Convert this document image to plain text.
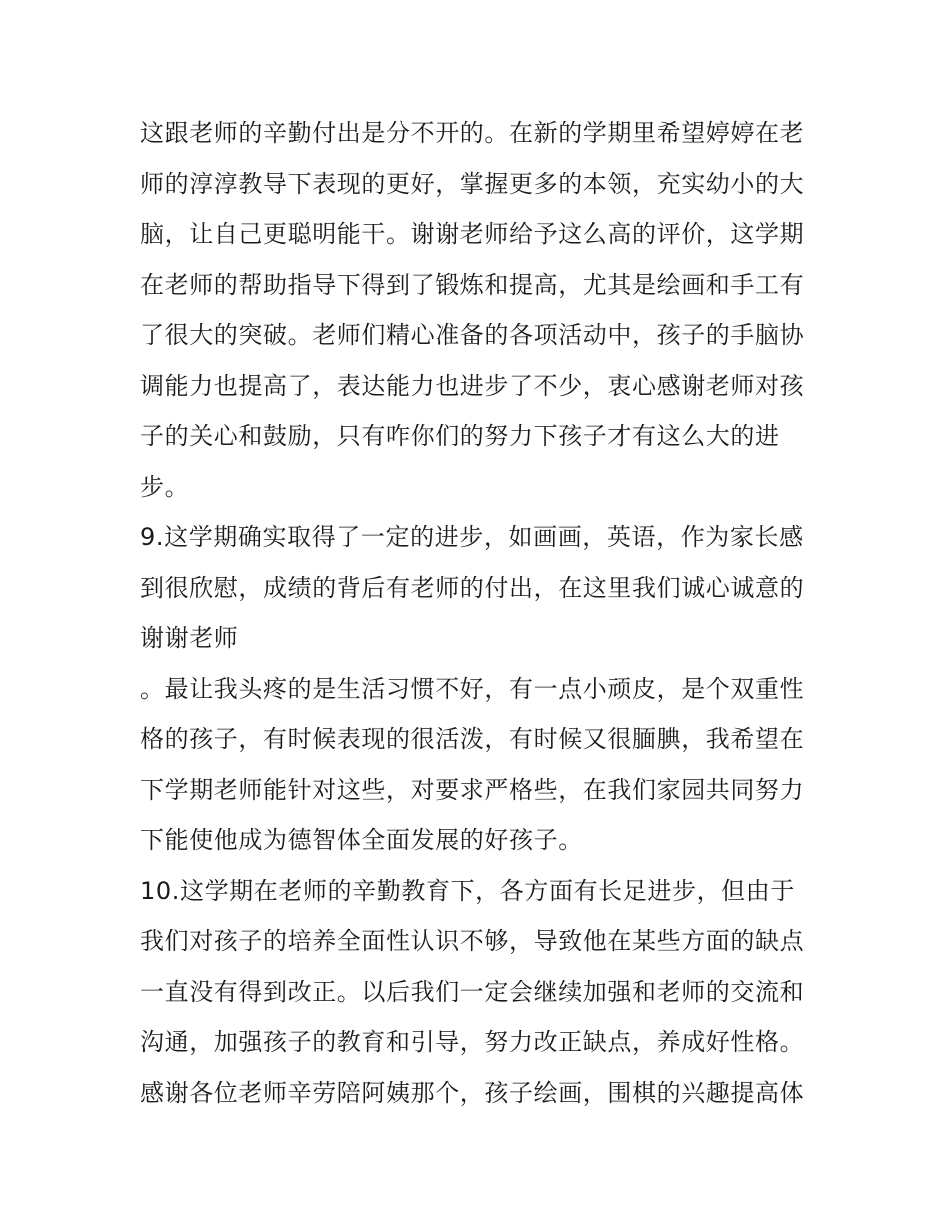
这跟老师的辛勤付出是分不开的。在新的学期里希望婷婷在老
师的淳淳教导下表现的更好，掌握更多的本领，充实幼小的大
脑，让自己更聪明能干。谢谢老师给予这么高的评价，这学期
在老师的帮助指导下得到了锻炼和提高，尤其是绘画和手工有
了很大的突破。老师们精心准备的各项活动中，孩子的手脑协
调能力也提高了，表达能力也进步了不少，衷心感谢老师对孩
子的关心和鼓励，只有咋你们的努力下孩子才有这么大的进
步。
9.这学期确实取得了一定的进步，如画画，英语，作为家长感
到很欣慰，成绩的背后有老师的付出，在这里我们诚心诚意的
谢谢老师
。最让我头疼的是生活习惯不好，有一点小顽皮，是个双重性
格的孩子，有时候表现的很活泼，有时候又很腼腆，我希望在
下学期老师能针对这些，对要求严格些，在我们家园共同努力
下能使他成为德智体全面发展的好孩子。
10.这学期在老师的辛勤教育下，各方面有长足进步，但由于
我们对孩子的培养全面性认识不够，导致他在某些方面的缺点
一直没有得到改正。以后我们一定会继续加强和老师的交流和
沟通，加强孩子的教育和引导，努力改正缺点，养成好性格。
感谢各位老师辛劳陪阿姨那个，孩子绘画，围棋的兴趣提高体
